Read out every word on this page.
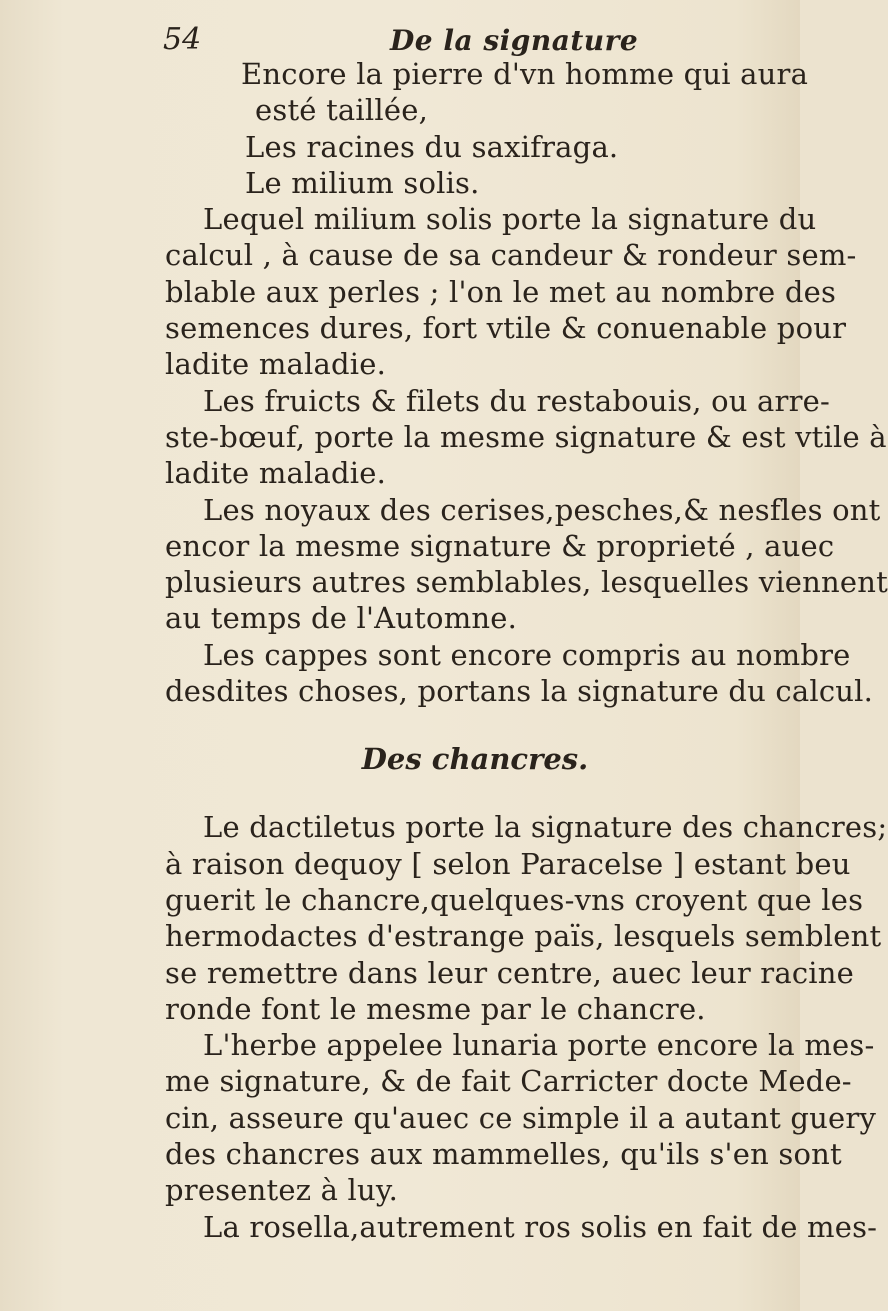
54	De la signature
Encore la pierre d'vn homme qui aura
esté taillée,
Les racines du saxifraga.
Le milium solis.
Lequel milium solis porte la signature du
calcul , à cause de sa candeur & rondeur sem-
blable aux perles ; l'on le met au nombre des
semences dures, fort vtile & conuenable pour
ladite maladie.
Les fruicts & filets du restabouis, ou arre-
ste-bœuf, porte la mesme signature & est vtile à
ladite maladie.
Les noyaux des cerises,pesches,& nesfles ont
encor la mesme signature & proprieté , auec
plusieurs autres semblables, lesquelles viennent
au temps de l'Automne.
Les cappes sont encore compris au nombre
desdites choses, portans la signature du calcul.
Des chancres.
Le dactiletus porte la signature des chancres;
à raison dequoy [ selon Paracelse ] estant beu
guerit le chancre,quelques-vns croyent que les
hermodactes d'estrange païs, lesquels semblent
se remettre dans leur centre, auec leur racine
ronde font le mesme par le chancre.
L'herbe appelee lunaria porte encore la mes-
me signature, & de fait Carricter docte Mede-
cin, asseure qu'auec ce simple il a autant guery
des chancres aux mammelles, qu'ils s'en sont
presentez à luy.
La rosella,autrement ros solis en fait de mes-
